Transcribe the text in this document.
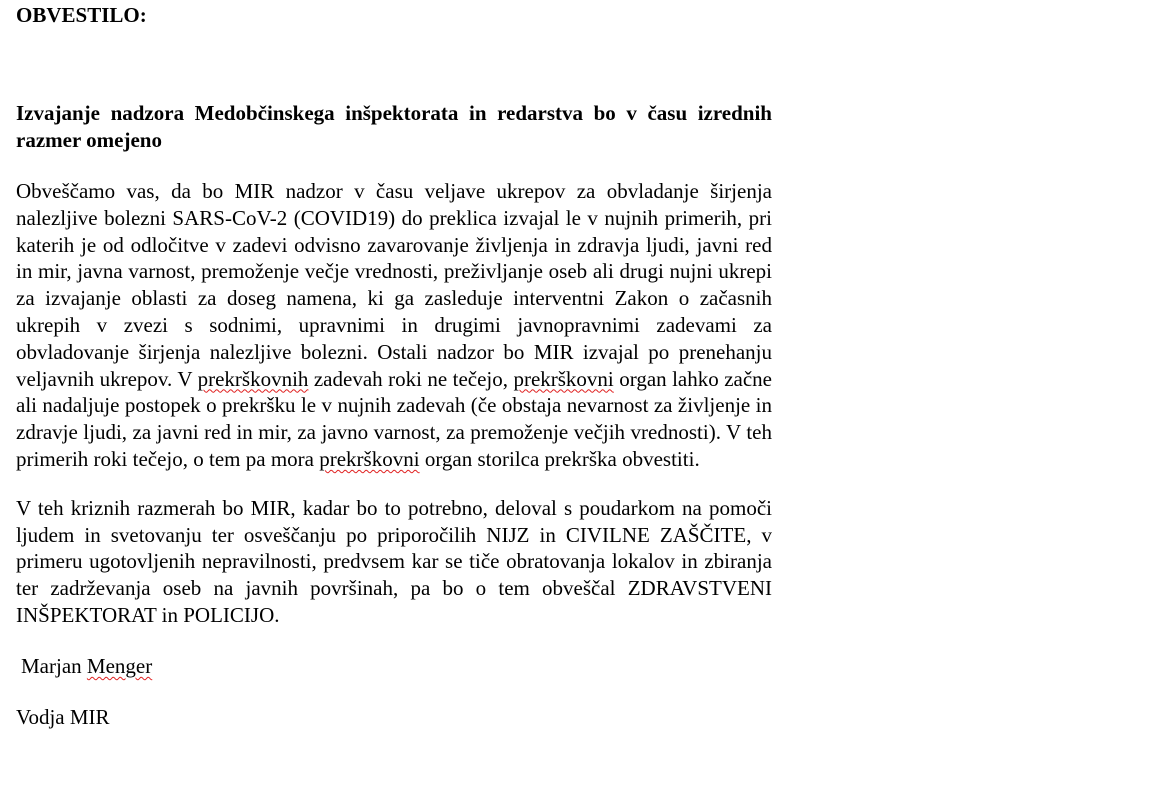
OBVESTILO:

Izvajanje nadzora Medobčinskega inšpektorata in redarstva bo v času izrednih razmer omejeno

Obveščamo vas, da bo MIR nadzor v času veljave ukrepov za obvladanje širjenja nalezljive bolezni SARS-CoV-2 (COVID19) do preklica izvajal le v nujnih primerih, pri katerih je od odločitve v zadevi odvisno zavarovanje življenja in zdravja ljudi, javni red in mir, javna varnost, premoženje večje vrednosti, preživljanje oseb ali drugi nujni ukrepi za izvajanje oblasti za doseg namena, ki ga zasleduje interventni Zakon o začasnih ukrepih v zvezi s sodnimi, upravnimi in drugimi javnopravnimi zadevami za obvladovanje širjenja nalezljive bolezni. Ostali nadzor bo MIR izvajal po prenehanju veljavnih ukrepov. V prekrškovnih zadevah roki ne tečejo, prekrškovni organ lahko začne ali nadaljuje postopek o prekršku le v nujnih zadevah (če obstaja nevarnost za življenje in zdravje ljudi, za javni red in mir, za javno varnost, za premoženje večjih vrednosti). V teh primerih roki tečejo, o tem pa mora prekrškovni organ storilca prekrška obvestiti.

V teh kriznih razmerah bo MIR, kadar bo to potrebno, deloval s poudarkom na pomoči ljudem in svetovanju ter osveščanju po priporočilih NIJZ in CIVILNE ZAŠČITE, v primeru ugotovljenih nepravilnosti, predvsem kar se tiče obratovanja lokalov in zbiranja ter zadrževanja oseb na javnih površinah, pa bo o tem obveščal ZDRAVSTVENI INŠPEKTORAT in POLICIJO.

Marjan Menger

Vodja MIR
